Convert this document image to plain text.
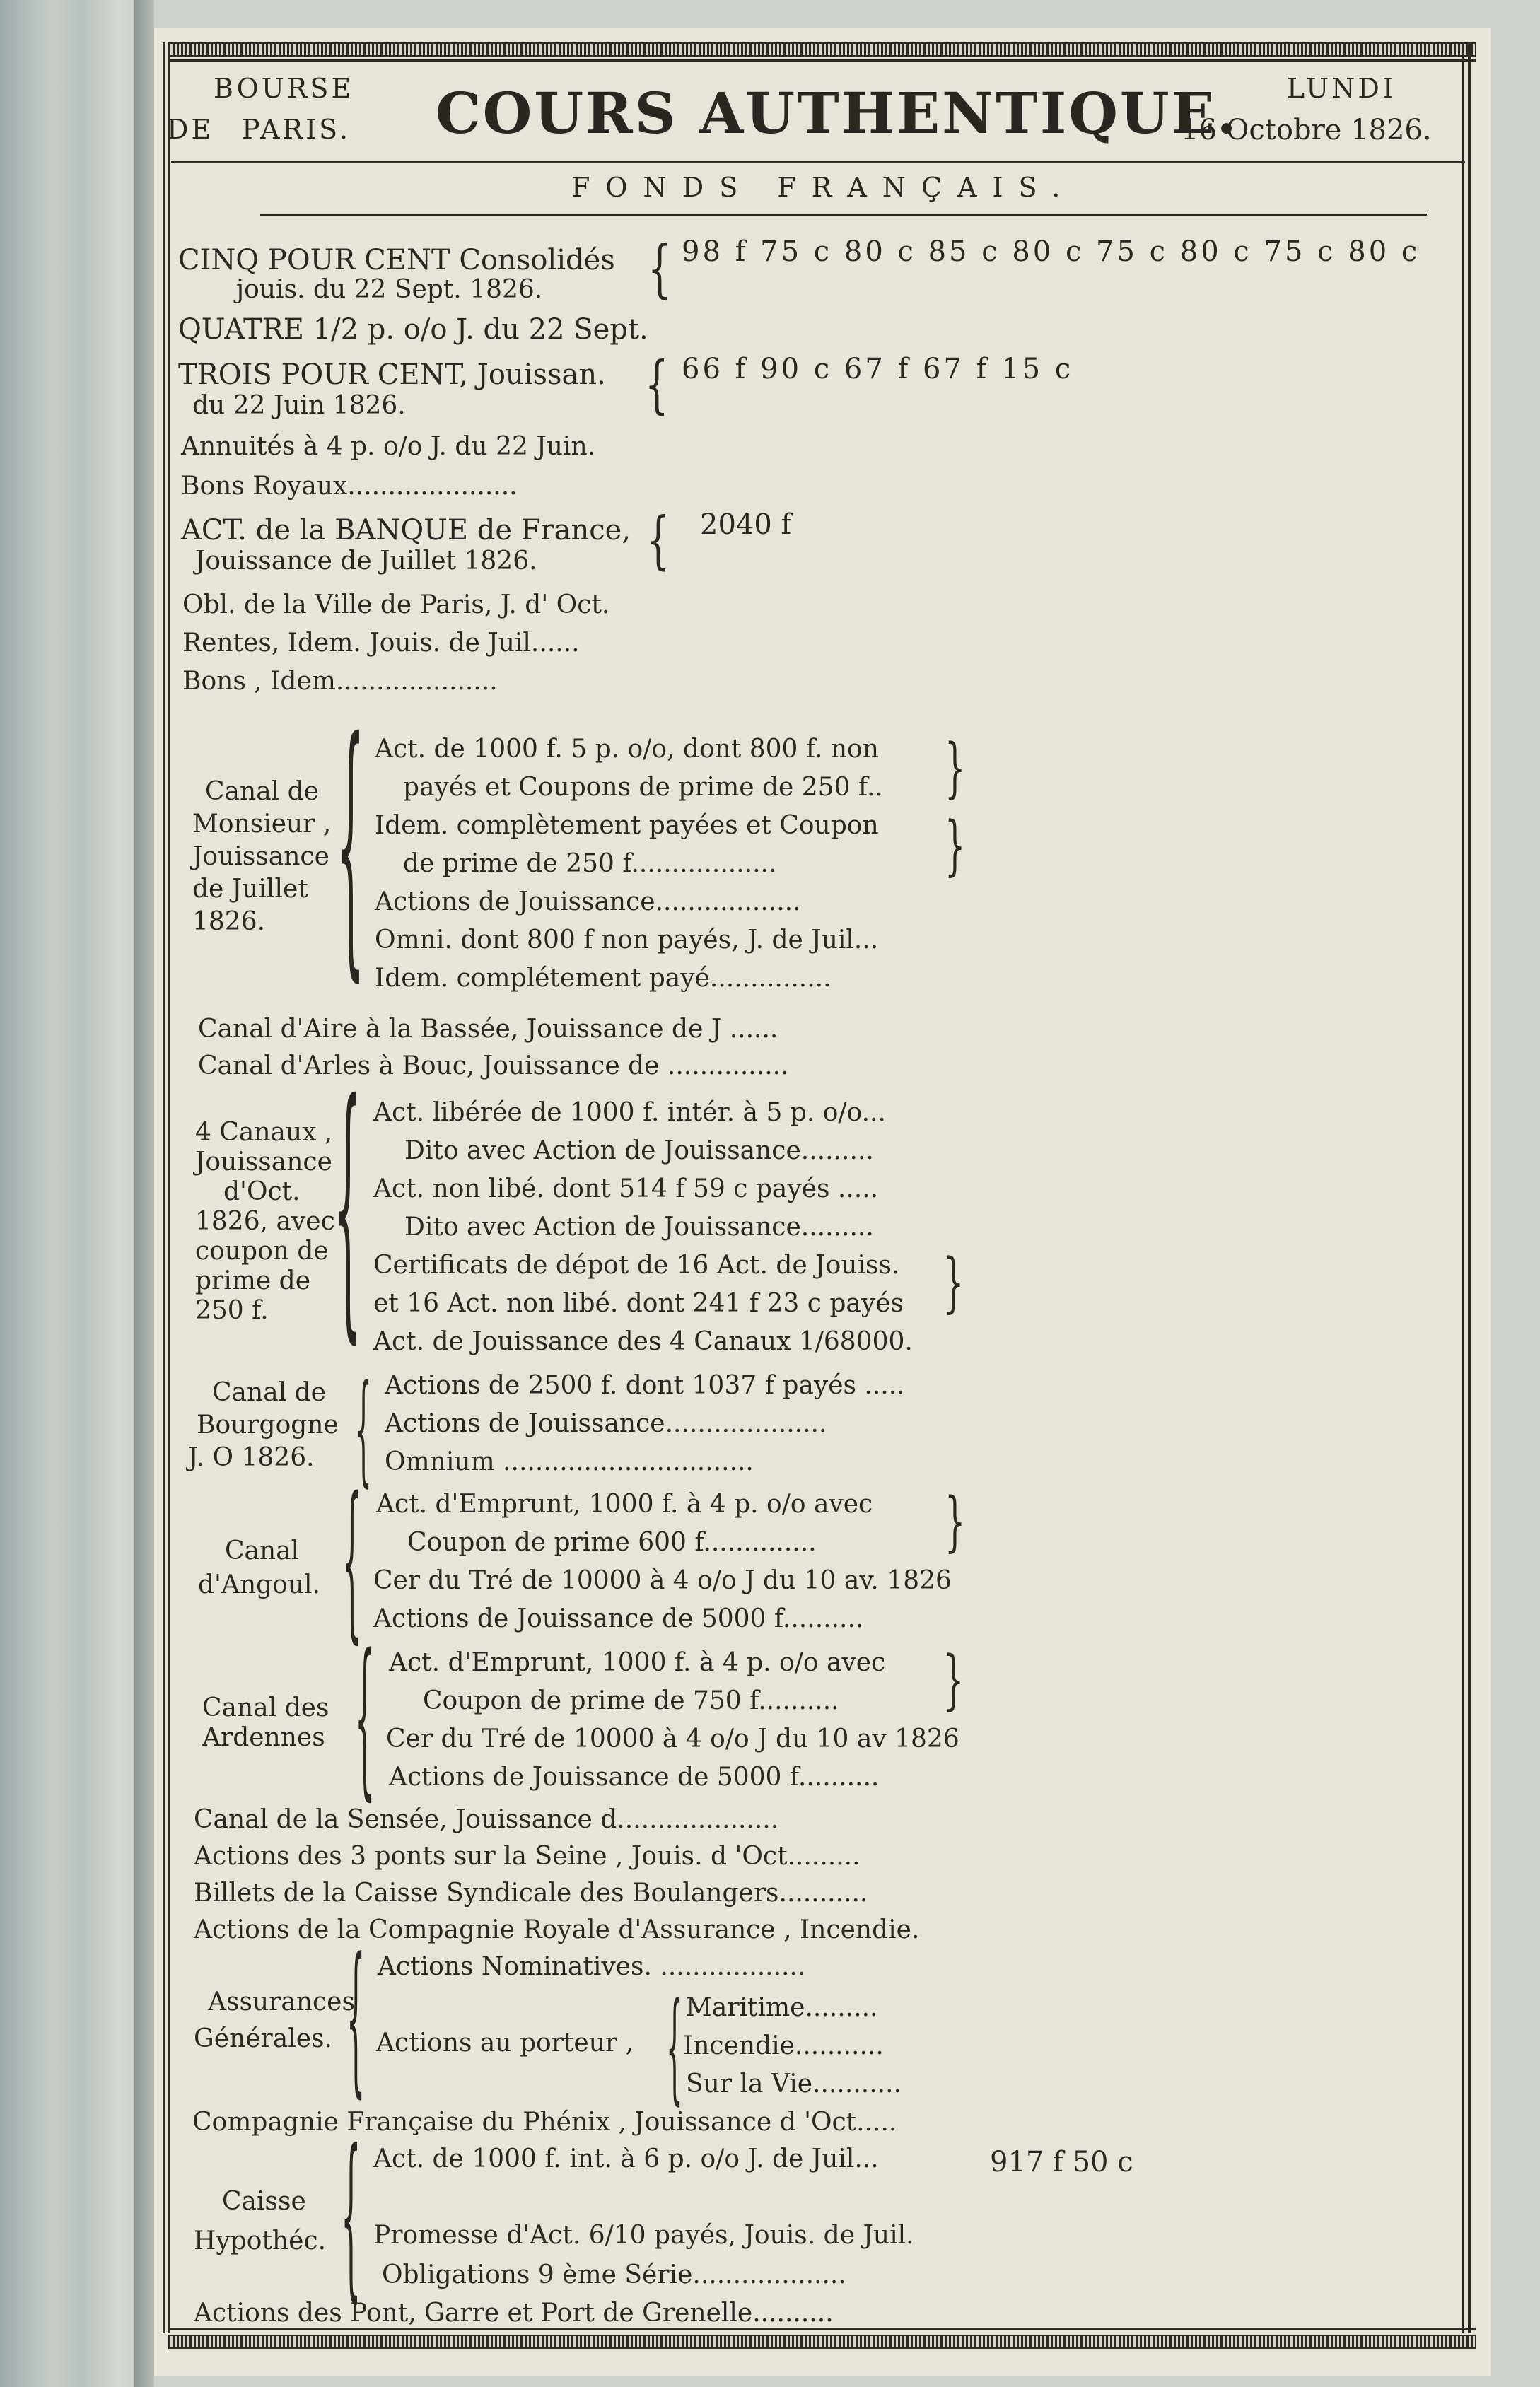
BOURSE
DE PARIS. COURS AUTHENTIQUE. LUNDI
16 Octobre 1826.
FONDS FRANÇAIS.
CINQ POUR CENT Consolidés
jouis. du 22 Sept. 1826. { 98 f 75 c 80 c 85 c 80 c 75 c 80 c 75 c 80 c
QUATRE 1/2 p. o/o J. du 22 Sept.
TROIS POUR CENT, Jouissan.
du 22 Juin 1826.	{ 66 f 90 c 67 f 67 f 15 c
Annuités à 4 p. o/o J. du 22 Juin.
Bons Royaux.....................
ACT. de la BANQUE de France,
Jouissance de Juillet 1826. { 2040 f
Obl. de la Ville de Paris, J. d' Oct.
Rentes, Idem. Jouis. de Juil......
Bons , Idem....................
Canal de
Monsieur ,
Jouissance
de Juillet
1826. { Act. de 1000 f. 5 p. o/o, dont 800 f. non
payés et Coupons de prime de 250 f..
Idem. complètement payées et Coupon
de prime de 250 f..................
Actions de Jouissance..................
Omni. dont 800 f non payés, J. de Juil...
Idem. complétement payé...............
}
}
Canal d'Aire à la Bassée, Jouissance de J ......
Canal d'Arles à Bouc, Jouissance de ...............
4 Canaux ,
Jouissance
d'Oct.
1826, avec
coupon de
prime de
250 f. { Act. libérée de 1000 f. intér. à 5 p. o/o...
Dito avec Action de Jouissance.........
Act. non libé. dont 514 f 59 c payés .....
Dito avec Action de Jouissance.........
Certificats de dépot de 16 Act. de Jouiss.
et 16 Act. non libé. dont 241 f 23 c payés
Act. de Jouissance des 4 Canaux 1/68000.
}
Canal de
Bourgogne
J. O 1826. { Actions de 2500 f. dont 1037 f payés .....
Actions de Jouissance....................
Omnium ...............................
Canal
d'Angoul. { Act. d'Emprunt, 1000 f. à 4 p. o/o avec
Coupon de prime 600 f..............
Cer du Tré de 10000 à 4 o/o J du 10 av. 1826
Actions de Jouissance de 5000 f..........
}
Canal des
Ardennes { Act. d'Emprunt, 1000 f. à 4 p. o/o avec
Coupon de prime de 750 f..........
Cer du Tré de 10000 à 4 o/o J du 10 av 1826
Actions de Jouissance de 5000 f..........
}
Canal de la Sensée, Jouissance d....................
Actions des 3 ponts sur la Seine , Jouis. d 'Oct.........
Billets de la Caisse Syndicale des Boulangers...........
Actions de la Compagnie Royale d'Assurance , Incendie.
Assurances
Générales. { Actions Nominatives. ..................
Actions au porteur , { Maritime.........
Incendie...........
Sur la Vie...........
Compagnie Française du Phénix , Jouissance d 'Oct.....
Caisse
Hypothéc. { Act. de 1000 f. int. à 6 p. o/o J. de Juil...
Promesse d'Act. 6/10 payés, Jouis. de Juil.
Obligations 9 ème Série...................
917 f 50 c
Actions des Pont, Garre et Port de Grenelle..........
